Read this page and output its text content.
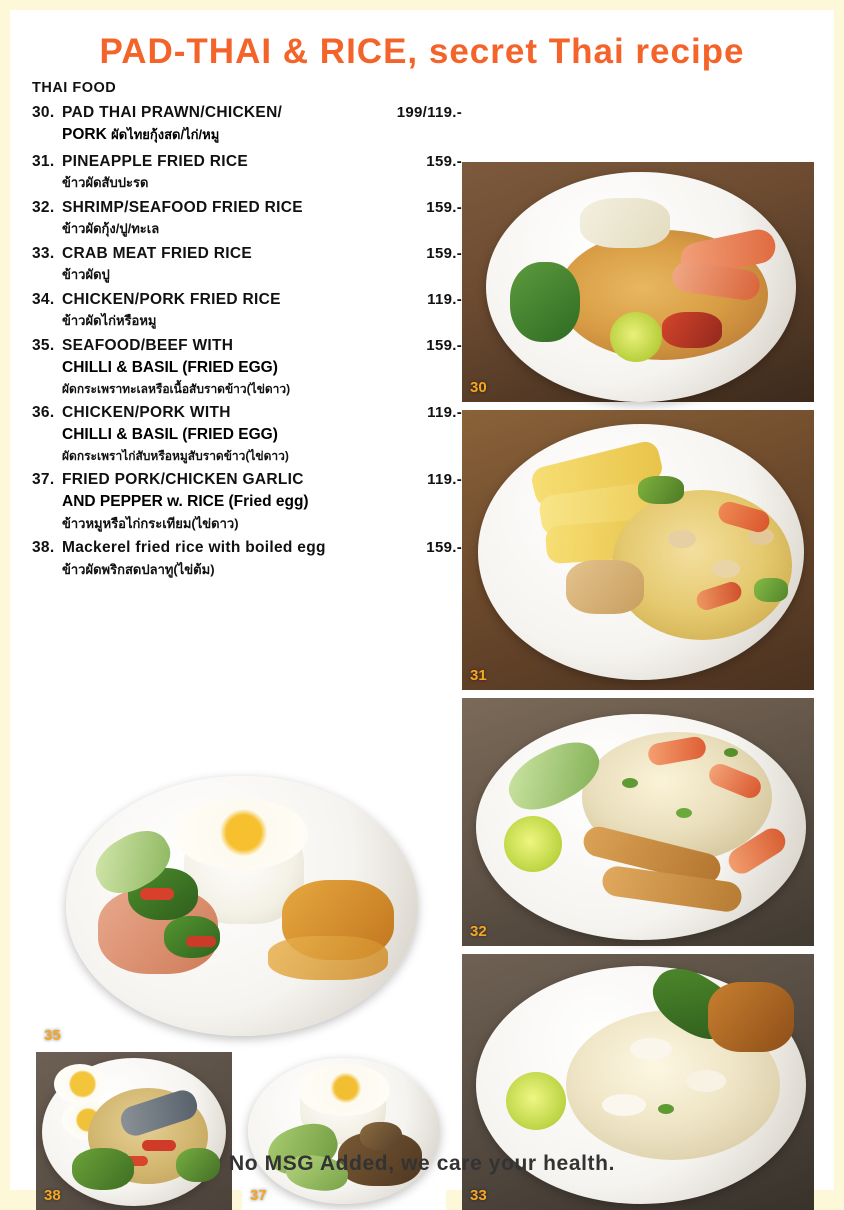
PAD-THAI & RICE, secret Thai recipe
THAI FOOD
30. PAD THAI PRAWN/CHICKEN/	199/119.-
PORK ผัดไทยกุ้งสด/ไก่/หมู
31. PINEAPPLE FRIED RICE	159.-
ข้าวผัดสับปะรด
32. SHRIMP/SEAFOOD FRIED RICE	159.-
ข้าวผัดกุ้ง/ปู/ทะเล
33. CRAB MEAT FRIED RICE	159.-
ข้าวผัดปู
34. CHICKEN/PORK FRIED RICE	119.-
ข้าวผัดไก่หรือหมู
35. SEAFOOD/BEEF WITH	159.-
CHILLI & BASIL (FRIED EGG)
ผัดกระเพราทะเลหรือเนื้อสับราดข้าว(ไข่ดาว)
36. CHICKEN/PORK WITH	119.-
CHILLI & BASIL (FRIED EGG)
ผัดกระเพราไก่สับหรือหมูสับราดข้าว(ไข่ดาว)
37. FRIED PORK/CHICKEN GARLIC	119.-
AND PEPPER w. RICE (Fried egg)
ข้าวหมูหรือไก่กระเทียม(ไข่ดาว)
38. Mackerel fried rice with boiled egg	159.-
ข้าวผัดพริกสดปลาทู(ไข่ต้ม)
30
31
32
33
35
38	37
No MSG Added, we care your health.
